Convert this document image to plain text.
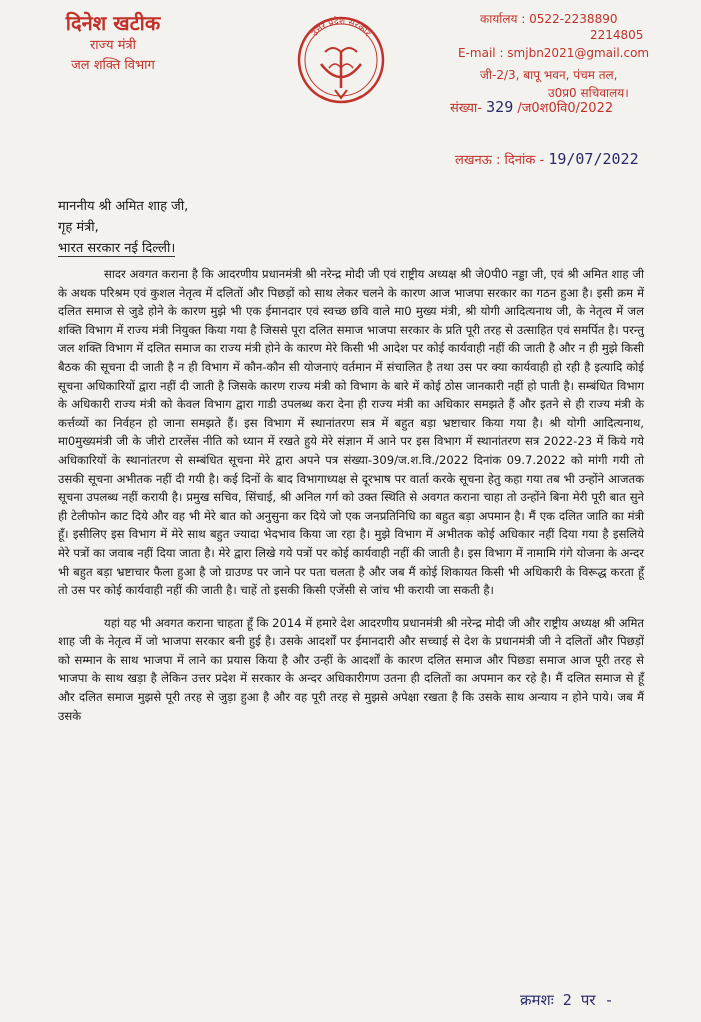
दिनेश खटीक
राज्य मंत्री
जल शक्ति विभाग
उत्तर प्रदेश सरकार
कार्यालय : 0522-2238890
2214805
E-mail : smjbn2021@gmail.com
जी-2/3, बापू भवन, पंचम तल,
उ0प्र0 सचिवालय।
संख्या- 329 /ज0श0वि0/2022
लखनऊ : दिनांक - 19/07/2022
माननीय श्री अमित शाह जी,
गृह मंत्री,
भारत सरकार नई दिल्ली।

सादर अवगत कराना है कि आदरणीय प्रधानमंत्री श्री नरेन्द्र मोदी जी एवं राष्ट्रीय अध्यक्ष श्री जे0पी0 नड्डा जी, एवं श्री अमित शाह जी के अथक परिश्रम एवं कुशल नेतृत्व में दलितों और पिछड़ों को साथ लेकर चलने के कारण आज भाजपा सरकार का गठन हुआ है। इसी क्रम में दलित समाज से जुडे होने के कारण मुझे भी एक ईमानदार एवं स्वच्छ छवि वाले मा0 मुख्य मंत्री, श्री योगी आदित्यनाथ जी, के नेतृत्व में जल शक्ति विभाग में राज्य मंत्री नियुक्त किया गया है जिससे पूरा दलित समाज भाजपा सरकार के प्रति पूरी तरह से उत्साहित एवं समर्पित है। परन्तु जल शक्ति विभाग में दलित समाज का राज्य मंत्री होने के कारण मेरे किसी भी आदेश पर कोई कार्यवाही नहीं की जाती है और न ही मुझे किसी बैठक की सूचना दी जाती है न ही विभाग में कौन-कौन सी योजनाएं वर्तमान में संचालित है तथा उस पर क्या कार्यवाही हो रही है इत्यादि कोई सूचना अधिकारियों द्वारा नहीं दी जाती है जिसके कारण राज्य मंत्री को विभाग के बारे में कोई ठोस जानकारी नहीं हो पाती है। सम्बंधित विभाग के अधिकारी राज्य मंत्री को केवल विभाग द्वारा गाडी उपलब्ध करा देना ही राज्य मंत्री का अधिकार समझते हैं और इतने से ही राज्य मंत्री के कर्त्तव्यों का निर्वहन हो जाना समझते हैं। इस विभाग में स्थानांतरण सत्र में बहुत बड़ा भ्रष्टाचार किया गया है। श्री योगी आदित्यनाथ, मा0मुख्यमंत्री जी के जीरो टारलेंस नीति को ध्यान में रखते हुये मेरे संज्ञान में आने पर इस विभाग में स्थानांतरण सत्र 2022-23 में किये गये अधिकारियों के स्थानांतरण से सम्बंधित सूचना मेरे द्वारा अपने पत्र संख्या-309/ज.श.वि./2022 दिनांक 09.7.2022 को मांगी गयी तो उसकी सूचना अभीतक नहीं दी गयी है। कई दिनों के बाद विभागाध्यक्ष से दूरभाष पर वार्ता करके सूचना हेतु कहा गया तब भी उन्होंने आजतक सूचना उपलब्ध नहीं करायी है। प्रमुख सचिव, सिंचाई, श्री अनिल गर्ग को उक्त स्थिति से अवगत कराना चाहा तो उन्होंने बिना मेरी पूरी बात सुने ही टेलीफोन काट दिये और वह भी मेरे बात को अनुसुना कर दिये जो एक जनप्रतिनिधि का बहुत बड़ा अपमान है। मैं एक दलित जाति का मंत्री हूँ। इसीलिए इस विभाग में मेरे साथ बहुत ज्यादा भेदभाव किया जा रहा है। मुझे विभाग में अभीतक कोई अधिकार नहीं दिया गया है इसलिये मेरे पत्रों का जवाब नहीं दिया जाता है। मेरे द्वारा लिखे गये पत्रों पर कोई कार्यवाही नहीं की जाती है। इस विभाग में नामामि गंगे योजना के अन्दर भी बहुत बड़ा भ्रष्टाचार फैला हुआ है जो ग्राउण्ड पर जाने पर पता चलता है और जब मैं कोई शिकायत किसी भी अधिकारी के विरूद्ध करता हूँ तो उस पर कोई कार्यवाही नहीं की जाती है। चाहें तो इसकी किसी एजेंसी से जांच भी करायी जा सकती है।

यहां यह भी अवगत कराना चाहता हूँ कि 2014 में हमारे देश आदरणीय प्रधानमंत्री श्री नरेन्द्र मोदी जी और राष्ट्रीय अध्यक्ष श्री अमित शाह जी के नेतृत्व में जो भाजपा सरकार बनी हुई है। उसके आदर्शों पर ईमानदारी और सच्चाई से देश के प्रधानमंत्री जी ने दलितों और पिछड़ों को सम्मान के साथ भाजपा में लाने का प्रयास किया है और उन्हीं के आदर्शों के कारण दलित समाज और पिछडा समाज आज पूरी तरह से भाजपा के साथ खड़ा है लेकिन उत्तर प्रदेश में सरकार के अन्दर अधिकारीगण उतना ही दलितों का अपमान कर रहे है। मैं दलित समाज से हूँ और दलित समाज मुझसे पूरी तरह से जुड़ा हुआ है और वह पूरी तरह से मुझसे अपेक्षा रखता है कि उसके साथ अन्याय न होने पाये। जब मैं उसके

क्रमशः 2 पर -
